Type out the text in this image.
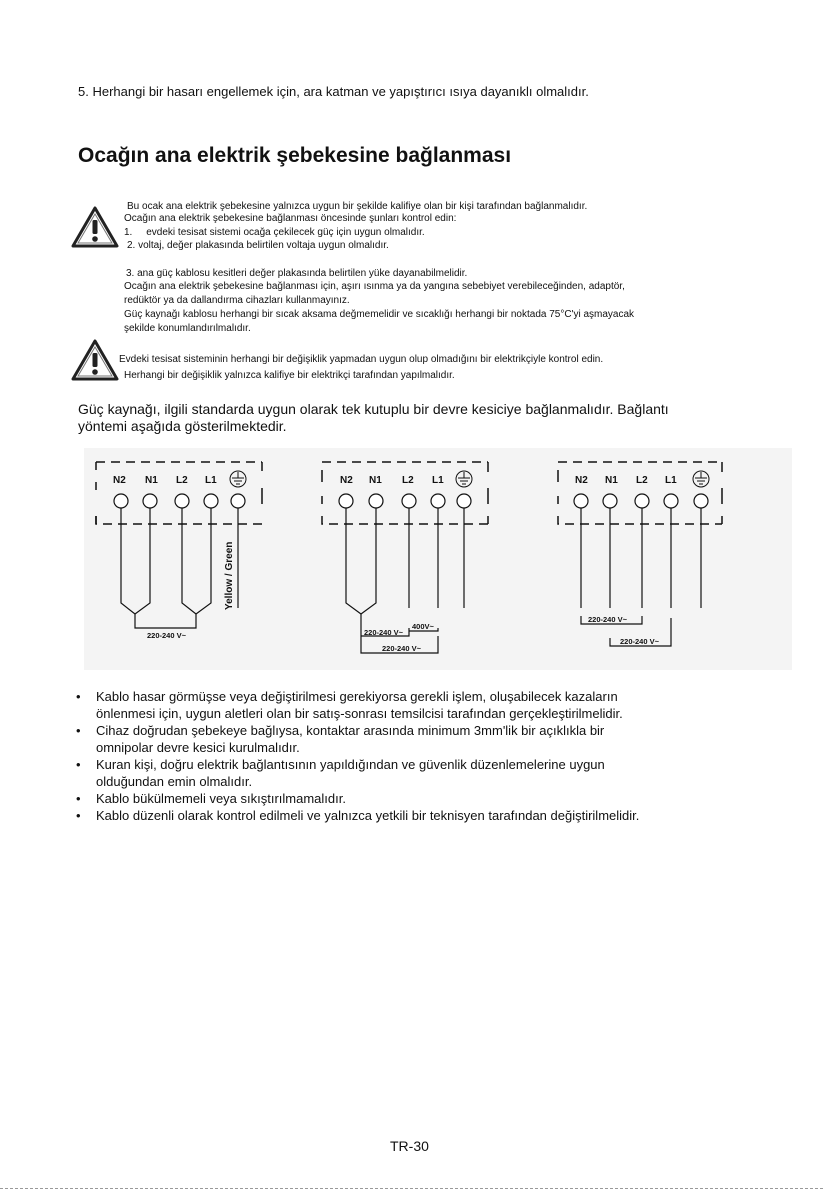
5. Herhangi bir hasarı engellemek için, ara katman ve yapıştırıcı ısıya dayanıklı olmalıdır.
Ocağın ana elektrik şebekesine bağlanması
Bu ocak ana elektrik şebekesine yalnızca uygun bir şekilde kalifiye olan bir kişi tarafından bağlanmalıdır.
Ocağın ana elektrik şebekesine bağlanması öncesinde şunları kontrol edin:
1.     evdeki tesisat sistemi ocağa çekilecek güç için uygun olmalıdır.
2. voltaj, değer plakasında belirtilen voltaja uygun olmalıdır.
3. ana güç kablosu kesitleri değer plakasında belirtilen yüke dayanabilmelidir.
Ocağın ana elektrik şebekesine bağlanması için, aşırı ısınma ya da yangına sebebiyet verebileceğinden, adaptör,
redüktör ya da dallandırma cihazları kullanmayınız.
Güç kaynağı kablosu herhangi bir sıcak aksama değmemelidir ve sıcaklığı herhangi bir noktada 75°C'yi aşmayacak
şekilde konumlandırılmalıdır.
Evdeki tesisat sisteminin herhangi bir değişiklik yapmadan uygun olup olmadığını bir elektrikçiyle kontrol edin.
Herhangi bir değişiklik yalnızca kalifiye bir elektrikçi tarafından yapılmalıdır.
Güç kaynağı, ilgili standarda uygun olarak tek kutuplu bir devre kesiciye bağlanmalıdır. Bağlantı
yöntemi aşağıda gösterilmektedir.
N2 N1 L2 L1
220-240 V~
Yellow / Green
N2 N1 L2 L1
220-240 V~
400V~
220-240 V~
N2 N1 L2 L1
220-240 V~
220-240 V~
• Kablo hasar görmüşse veya değiştirilmesi gerekiyorsa gerekli işlem, oluşabilecek kazaların
önlenmesi için, uygun aletleri olan bir satış-sonrası temsilcisi tarafından gerçekleştirilmelidir.
• Cihaz doğrudan şebekeye bağlıysa, kontaktar arasında minimum 3mm'lik bir açıklıkla bir
omnipolar devre kesici kurulmalıdır.
• Kuran kişi, doğru elektrik bağlantısının yapıldığından ve güvenlik düzenlemelerine uygun
olduğundan emin olmalıdır.
• Kablo bükülmemeli veya sıkıştırılmamalıdır.
• Kablo düzenli olarak kontrol edilmeli ve yalnızca yetkili bir teknisyen tarafından değiştirilmelidir.
TR-30
